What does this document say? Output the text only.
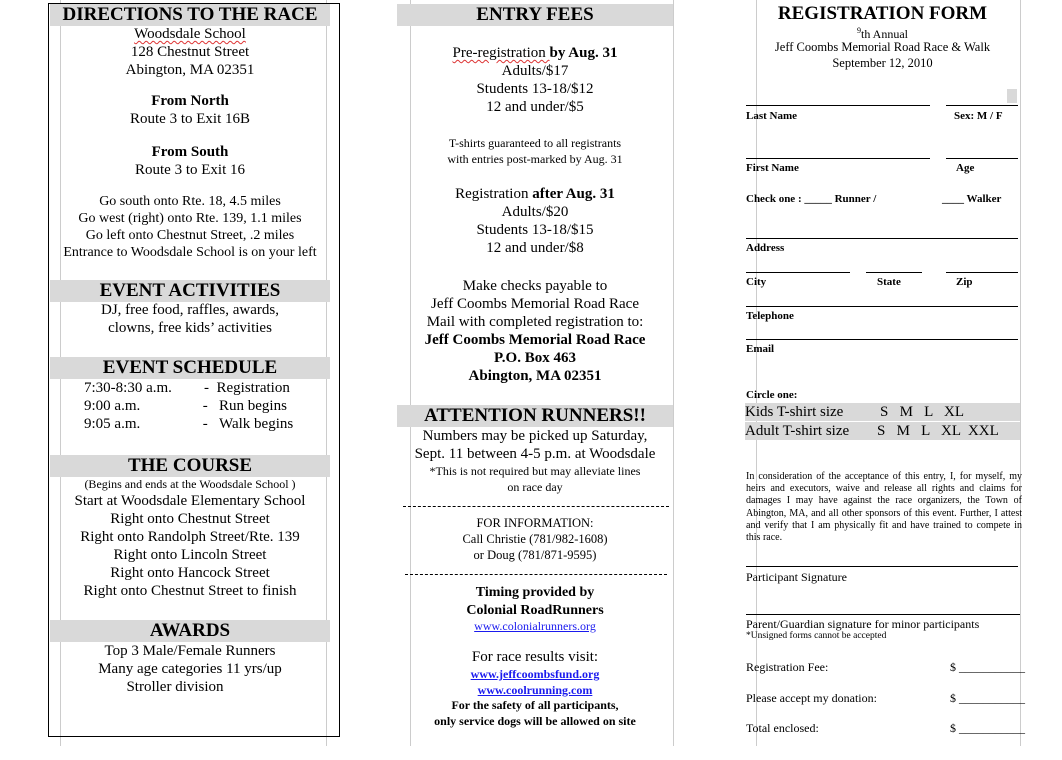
DIRECTIONS TO THE RACE
Woodsdale School
128 Chestnut Street
Abington, MA 02351
From North
Route 3 to Exit 16B
From South
Route 3 to Exit 16
Go south onto Rte. 18, 4.5 miles
Go west (right) onto Rte. 139, 1.1 miles
Go left onto Chestnut Street, .2 miles
Entrance to Woodsdale School is on your left
EVENT ACTIVITIES
DJ, free food, raffles, awards,
clowns, free kids’ activities
EVENT SCHEDULE
7:30-8:30 a.m. -  Registration
9:00 a.m.	-   Run begins
9:05 a.m.	-   Walk begins
THE COURSE
(Begins and ends at the Woodsdale School )
Start at Woodsdale Elementary School
Right onto Chestnut Street
Right onto Randolph Street/Rte. 139
Right onto Lincoln Street
Right onto Hancock Street
Right onto Chestnut Street to finish
AWARDS
Top 3 Male/Female Runners
Many age categories 11 yrs/up
Stroller division
ENTRY FEES
Pre-registration by Aug. 31
Adults/$17
Students 13-18/$12
12 and under/$5
T-shirts guaranteed to all registrants
with entries post-marked by Aug. 31
Registration after Aug. 31
Adults/$20
Students 13-18/$15
12 and under/$8
Make checks payable to
Jeff Coombs Memorial Road Race
Mail with completed registration to:
Jeff Coombs Memorial Road Race
P.O. Box 463
Abington, MA 02351
ATTENTION RUNNERS!!
Numbers may be picked up Saturday,
Sept. 11 between 4-5 p.m. at Woodsdale
*This is not required but may alleviate lines
on race day
FOR INFORMATION:
Call Christie (781/982-1608)
or Doug (781/871-9595)
Timing provided by
Colonial RoadRunners
www.colonialrunners.org
For race results visit:
www.jeffcoombsfund.org
www.coolrunning.com
For the safety of all participants,
only service dogs will be allowed on site
REGISTRATION FORM
$^9$th Annual
Jeff Coombs Memorial Road Race & Walk
September 12, 2010
Last Name	Sex: M / F
First Name	Age
Check one : _____ Runner /	____ Walker
Address
City	State	Zip
Telephone
Email
Circle one:
Kids T-shirt size S   M   L   XL
Adult T-shirt size S   M   L   XL  XXL
In consideration of the acceptance of this entry, I, for myself, my heirs and executors, waive and release all rights and claims for damages I may have against the race organizers, the Town of Abington, MA, and all other sponsors of this event. Further, I attest and verify that I am physically fit and have trained to compete in this race.
Participant Signature
Parent/Guardian signature for minor participants
*Unsigned forms cannot be accepted
Registration Fee:	$ ___________
Please accept my donation:	$ ___________
Total enclosed:	$ ___________
